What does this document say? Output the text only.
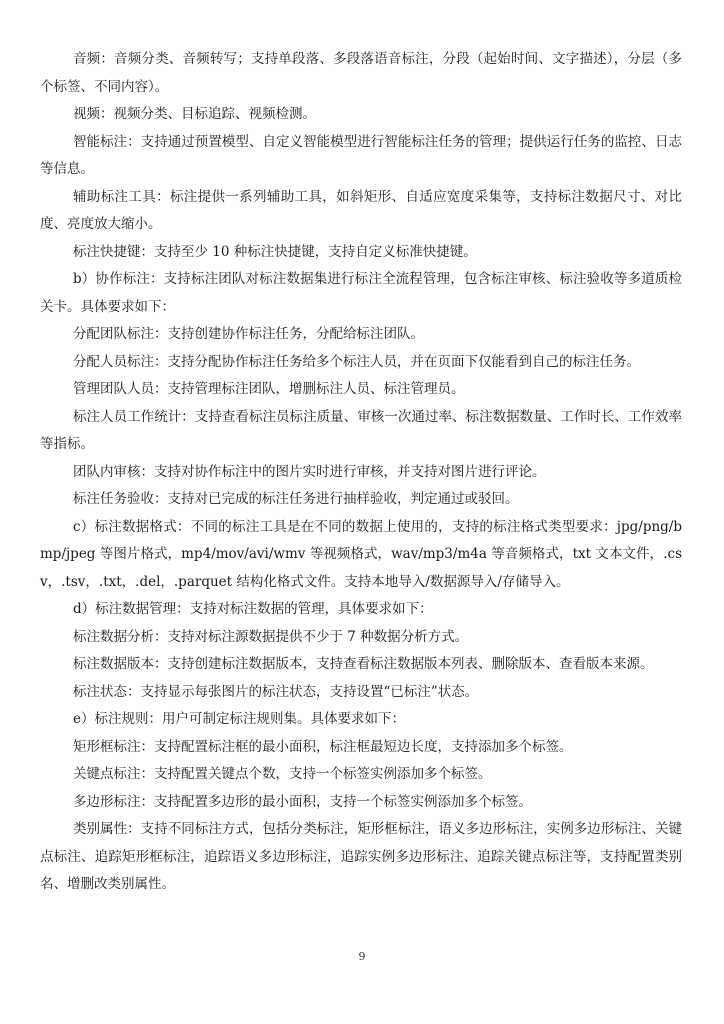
音频：音频分类、音频转写；支持单段落、多段落语音标注，分段（起始时间、文字描述），分层（多个标签、不同内容）。

视频：视频分类、目标追踪、视频检测。

智能标注：支持通过预置模型、自定义智能模型进行智能标注任务的管理；提供运行任务的监控、日志等信息。

辅助标注工具：标注提供一系列辅助工具，如斜矩形、自适应宽度采集等，支持标注数据尺寸、对比度、亮度放大缩小。

标注快捷键：支持至少 10 种标注快捷键，支持自定义标准快捷键。

b）协作标注：支持标注团队对标注数据集进行标注全流程管理，包含标注审核、标注验收等多道质检关卡。具体要求如下：

分配团队标注：支持创建协作标注任务，分配给标注团队。

分配人员标注：支持分配协作标注任务给多个标注人员，并在页面下仅能看到自己的标注任务。

管理团队人员：支持管理标注团队，增删标注人员、标注管理员。

标注人员工作统计：支持查看标注员标注质量、审核一次通过率、标注数据数量、工作时长、工作效率等指标。

团队内审核：支持对协作标注中的图片实时进行审核，并支持对图片进行评论。

标注任务验收：支持对已完成的标注任务进行抽样验收，判定通过或驳回。

c）标注数据格式：不同的标注工具是在不同的数据上使用的，支持的标注格式类型要求：jpg/png/bmp/jpeg 等图片格式，mp4/mov/avi/wmv 等视频格式，wav/mp3/m4a 等音频格式，txt 文本文件，.csv，.tsv，.txt，.del，.parquet 结构化格式文件。支持本地导入/数据源导入/存储导入。

d）标注数据管理：支持对标注数据的管理，具体要求如下：

标注数据分析：支持对标注源数据提供不少于 7 种数据分析方式。

标注数据版本：支持创建标注数据版本，支持查看标注数据版本列表、删除版本、查看版本来源。

标注状态：支持显示每张图片的标注状态，支持设置“已标注”状态。

e）标注规则：用户可制定标注规则集。具体要求如下：

矩形框标注：支持配置标注框的最小面积，标注框最短边长度，支持添加多个标签。

关键点标注：支持配置关键点个数，支持一个标签实例添加多个标签。

多边形标注：支持配置多边形的最小面积，支持一个标签实例添加多个标签。

类别属性：支持不同标注方式，包括分类标注，矩形框标注，语义多边形标注，实例多边形标注、关键点标注、追踪矩形框标注，追踪语义多边形标注，追踪实例多边形标注、追踪关键点标注等，支持配置类别名、增删改类别属性。

9
